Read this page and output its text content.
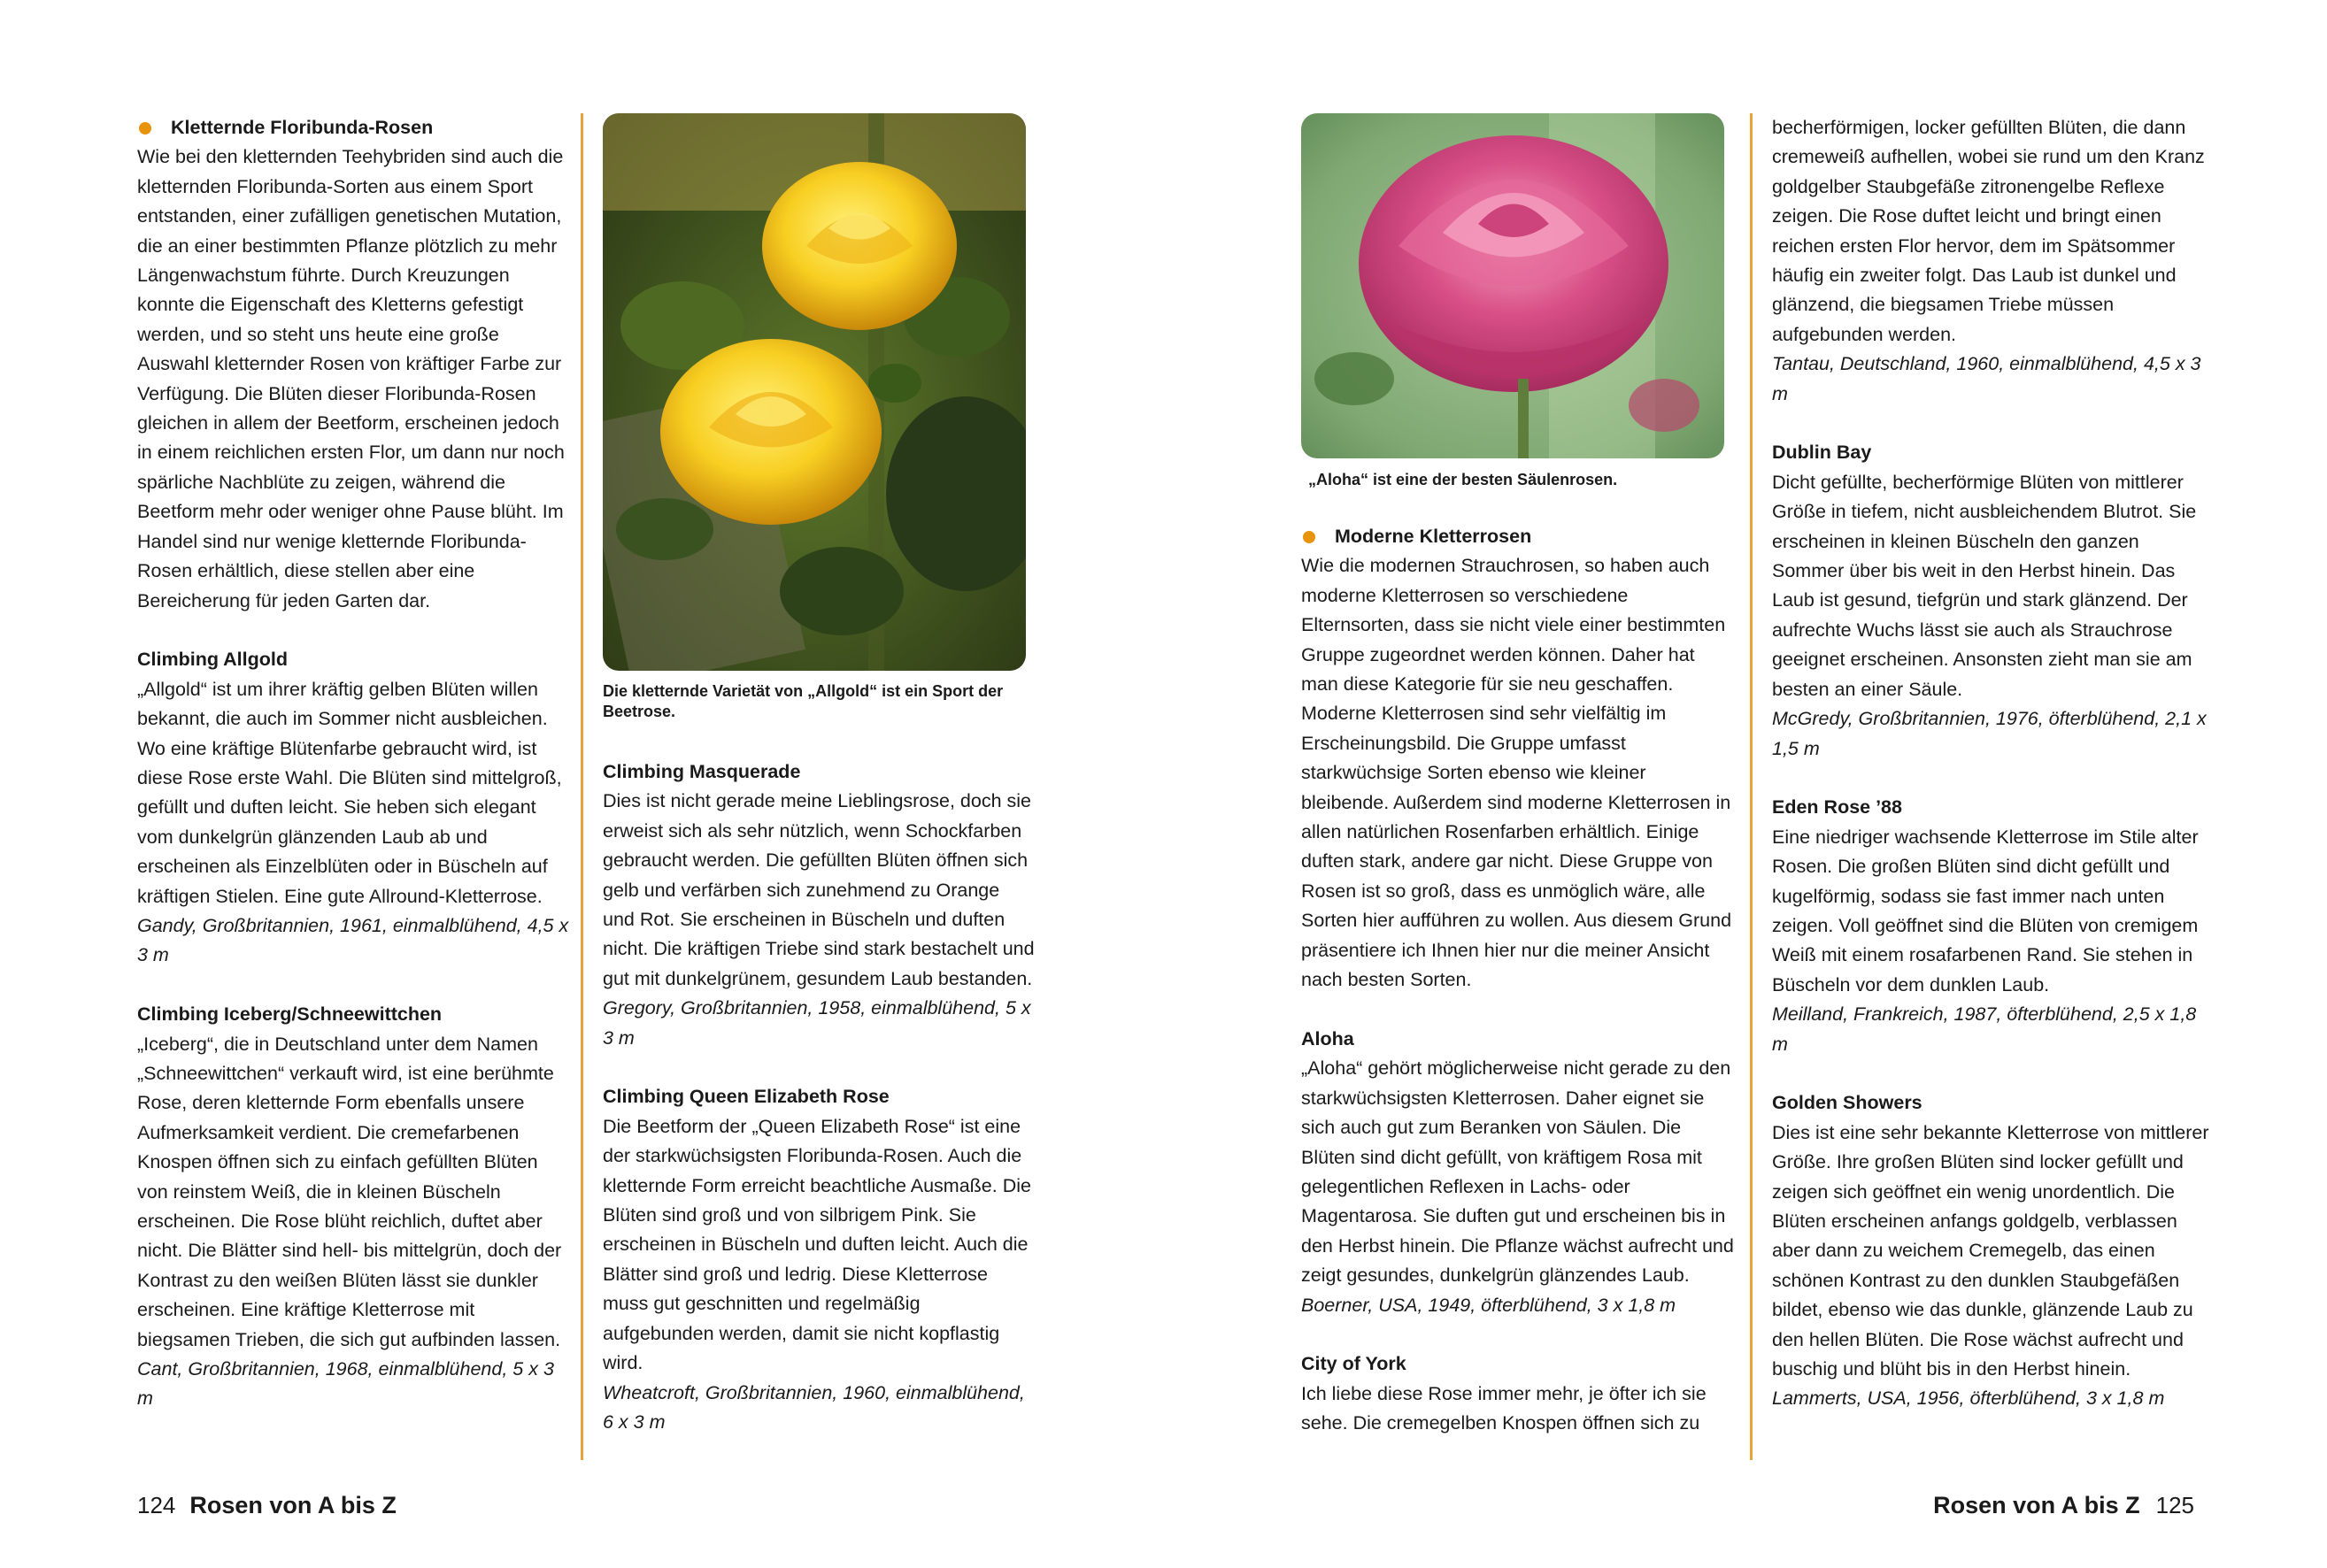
Kletternde Floribunda-Rosen
Wie bei den kletternden Teehybriden sind auch die kletternden Floribunda-Sorten aus einem Sport entstanden, einer zufälligen genetischen Mutation, die an einer bestimmten Pflanze plötzlich zu mehr Längenwachstum führte. Durch Kreuzungen konnte die Eigenschaft des Kletterns gefestigt werden, und so steht uns heute eine große Auswahl kletternder Rosen von kräftiger Farbe zur Verfügung. Die Blüten dieser Floribunda-Rosen gleichen in allem der Beetform, erscheinen jedoch in einem reichlichen ersten Flor, um dann nur noch spärliche Nachblüte zu zeigen, während die Beetform mehr oder weniger ohne Pause blüht. Im Handel sind nur wenige kletternde Floribunda-Rosen erhältlich, diese stellen aber eine Bereicherung für jeden Garten dar.
Climbing Allgold
„Allgold“ ist um ihrer kräftig gelben Blüten willen bekannt, die auch im Sommer nicht ausbleichen. Wo eine kräftige Blütenfarbe gebraucht wird, ist diese Rose erste Wahl. Die Blüten sind mittelgroß, gefüllt und duften leicht. Sie heben sich elegant vom dunkelgrün glänzenden Laub ab und erscheinen als Einzelblüten oder in Büscheln auf kräftigen Stielen. Eine gute Allround-Kletterrose.
Gandy, Großbritannien, 1961, einmalblühend, 4,5 x 3 m
Climbing Iceberg/Schneewittchen
„Iceberg“, die in Deutschland unter dem Namen „Schneewittchen“ verkauft wird, ist eine berühmte Rose, deren kletternde Form ebenfalls unsere Aufmerksamkeit verdient. Die cremefarbenen Knospen öffnen sich zu einfach gefüllten Blüten von reinstem Weiß, die in kleinen Büscheln erscheinen. Die Rose blüht reichlich, duftet aber nicht. Die Blätter sind hell- bis mittelgrün, doch der Kontrast zu den weißen Blüten lässt sie dunkler erscheinen. Eine kräftige Kletterrose mit biegsamen Trieben, die sich gut aufbinden lassen.
Cant, Großbritannien, 1968, einmalblühend, 5 x 3 m
Die kletternde Varietät von „Allgold“ ist ein Sport der Beetrose.
Climbing Masquerade
Dies ist nicht gerade meine Lieblingsrose, doch sie erweist sich als sehr nützlich, wenn Schockfarben gebraucht werden. Die gefüllten Blüten öffnen sich gelb und verfärben sich zunehmend zu Orange und Rot. Sie erscheinen in Büscheln und duften nicht. Die kräftigen Triebe sind stark bestachelt und gut mit dunkelgrünem, gesundem Laub bestanden.
Gregory, Großbritannien, 1958, einmalblühend, 5 x 3 m
Climbing Queen Elizabeth Rose
Die Beetform der „Queen Elizabeth Rose“ ist eine der starkwüchsigsten Floribunda-Rosen. Auch die kletternde Form erreicht beachtliche Ausmaße. Die Blüten sind groß und von silbrigem Pink. Sie erscheinen in Büscheln und duften leicht. Auch die Blätter sind groß und ledrig. Diese Kletterrose muss gut geschnitten und regelmäßig aufgebunden werden, damit sie nicht kopflastig wird.
Wheatcroft, Großbritannien, 1960, einmalblühend, 6 x 3 m
124 Rosen von A bis Z
„Aloha“ ist eine der besten Säulenrosen.
Moderne Kletterrosen
Wie die modernen Strauchrosen, so haben auch moderne Kletterrosen so verschiedene Elternsorten, dass sie nicht viele einer bestimmten Gruppe zugeordnet werden können. Daher hat man diese Kategorie für sie neu geschaffen. Moderne Kletterrosen sind sehr vielfältig im Erscheinungsbild. Die Gruppe umfasst starkwüchsige Sorten ebenso wie kleiner bleibende. Außerdem sind moderne Kletterrosen in allen natürlichen Rosenfarben erhältlich. Einige duften stark, andere gar nicht. Diese Gruppe von Rosen ist so groß, dass es unmöglich wäre, alle Sorten hier aufführen zu wollen. Aus diesem Grund präsentiere ich Ihnen hier nur die meiner Ansicht nach besten Sorten.
Aloha
„Aloha“ gehört möglicherweise nicht gerade zu den starkwüchsigsten Kletterrosen. Daher eignet sie sich auch gut zum Beranken von Säulen. Die Blüten sind dicht gefüllt, von kräftigem Rosa mit gelegentlichen Reflexen in Lachs- oder Magentarosa. Sie duften gut und erscheinen bis in den Herbst hinein. Die Pflanze wächst aufrecht und zeigt gesundes, dunkelgrün glänzendes Laub.
Boerner, USA, 1949, öfterblühend, 3 x 1,8 m
City of York
Ich liebe diese Rose immer mehr, je öfter ich sie sehe. Die cremegelben Knospen öffnen sich zu
becherförmigen, locker gefüllten Blüten, die dann cremeweiß aufhellen, wobei sie rund um den Kranz goldgelber Staubgefäße zitronengelbe Reflexe zeigen. Die Rose duftet leicht und bringt einen reichen ersten Flor hervor, dem im Spätsommer häufig ein zweiter folgt. Das Laub ist dunkel und glänzend, die biegsamen Triebe müssen aufgebunden werden.
Tantau, Deutschland, 1960, einmalblühend, 4,5 x 3 m
Dublin Bay
Dicht gefüllte, becherförmige Blüten von mittlerer Größe in tiefem, nicht ausbleichendem Blutrot. Sie erscheinen in kleinen Büscheln den ganzen Sommer über bis weit in den Herbst hinein. Das Laub ist gesund, tiefgrün und stark glänzend. Der aufrechte Wuchs lässt sie auch als Strauchrose geeignet erscheinen. Ansonsten zieht man sie am besten an einer Säule.
McGredy, Großbritannien, 1976, öfterblühend, 2,1 x 1,5 m
Eden Rose ’88
Eine niedriger wachsende Kletterrose im Stile alter Rosen. Die großen Blüten sind dicht gefüllt und kugelförmig, sodass sie fast immer nach unten zeigen. Voll geöffnet sind die Blüten von cremigem Weiß mit einem rosafarbenen Rand. Sie stehen in Büscheln vor dem dunklen Laub.
Meilland, Frankreich, 1987, öfterblühend, 2,5 x 1,8 m
Golden Showers
Dies ist eine sehr bekannte Kletterrose von mittlerer Größe. Ihre großen Blüten sind locker gefüllt und zeigen sich geöffnet ein wenig unordentlich. Die Blüten erscheinen anfangs goldgelb, verblassen aber dann zu weichem Cremegelb, das einen schönen Kontrast zu den dunklen Staubgefäßen bildet, ebenso wie das dunkle, glänzende Laub zu den hellen Blüten. Die Rose wächst aufrecht und buschig und blüht bis in den Herbst hinein.
Lammerts, USA, 1956, öfterblühend, 3 x 1,8 m
Rosen von A bis Z 125
